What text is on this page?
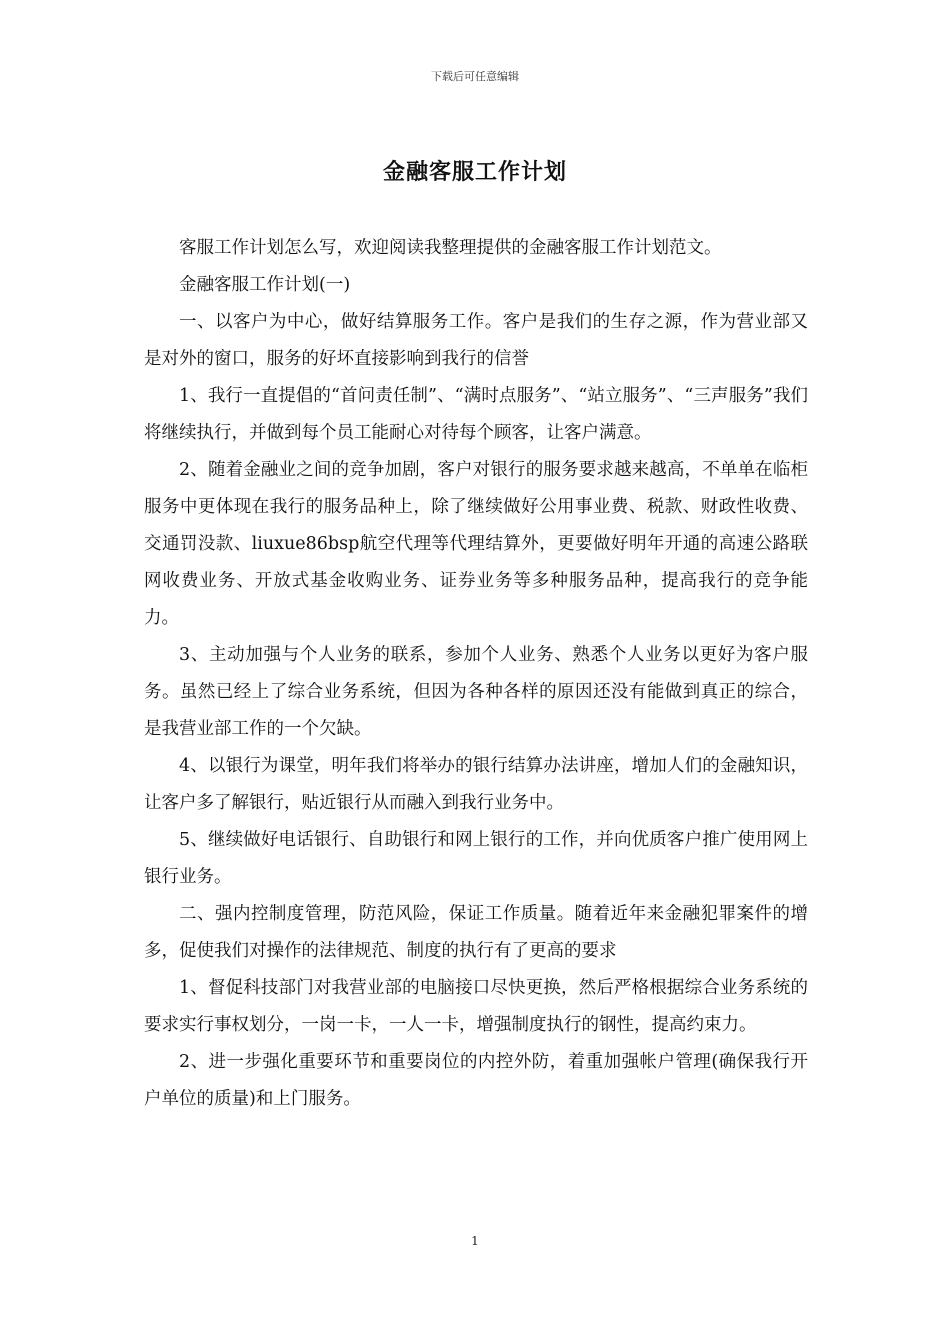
下载后可任意编辑
金融客服工作计划

客服工作计划怎么写，欢迎阅读我整理提供的金融客服工作计划范文。

金融客服工作计划(一)

一、以客户为中心，做好结算服务工作。客户是我们的生存之源，作为营业部又是对外的窗口，服务的好坏直接影响到我行的信誉

1、我行一直提倡的“首问责任制”、“满时点服务”、“站立服务”、“三声服务”我们将继续执行，并做到每个员工能耐心对待每个顾客，让客户满意。

2、随着金融业之间的竞争加剧，客户对银行的服务要求越来越高，不单单在临柜服务中更体现在我行的服务品种上，除了继续做好公用事业费、税款、财政性收费、交通罚没款、liuxue86bsp航空代理等代理结算外，更要做好明年开通的高速公路联网收费业务、开放式基金收购业务、证券业务等多种服务品种，提高我行的竞争能力。

3、主动加强与个人业务的联系，参加个人业务、熟悉个人业务以更好为客户服务。虽然已经上了综合业务系统，但因为各种各样的原因还没有能做到真正的综合，是我营业部工作的一个欠缺。

4、以银行为课堂，明年我们将举办的银行结算办法讲座，增加人们的金融知识，让客户多了解银行，贴近银行从而融入到我行业务中。

5、继续做好电话银行、自助银行和网上银行的工作，并向优质客户推广使用网上银行业务。

二、强内控制度管理，防范风险，保证工作质量。随着近年来金融犯罪案件的增多，促使我们对操作的法律规范、制度的执行有了更高的要求

1、督促科技部门对我营业部的电脑接口尽快更换，然后严格根据综合业务系统的要求实行事权划分，一岗一卡，一人一卡，增强制度执行的钢性，提高约束力。

2、进一步强化重要环节和重要岗位的内控外防，着重加强帐户管理(确保我行开户单位的质量)和上门服务。

1
